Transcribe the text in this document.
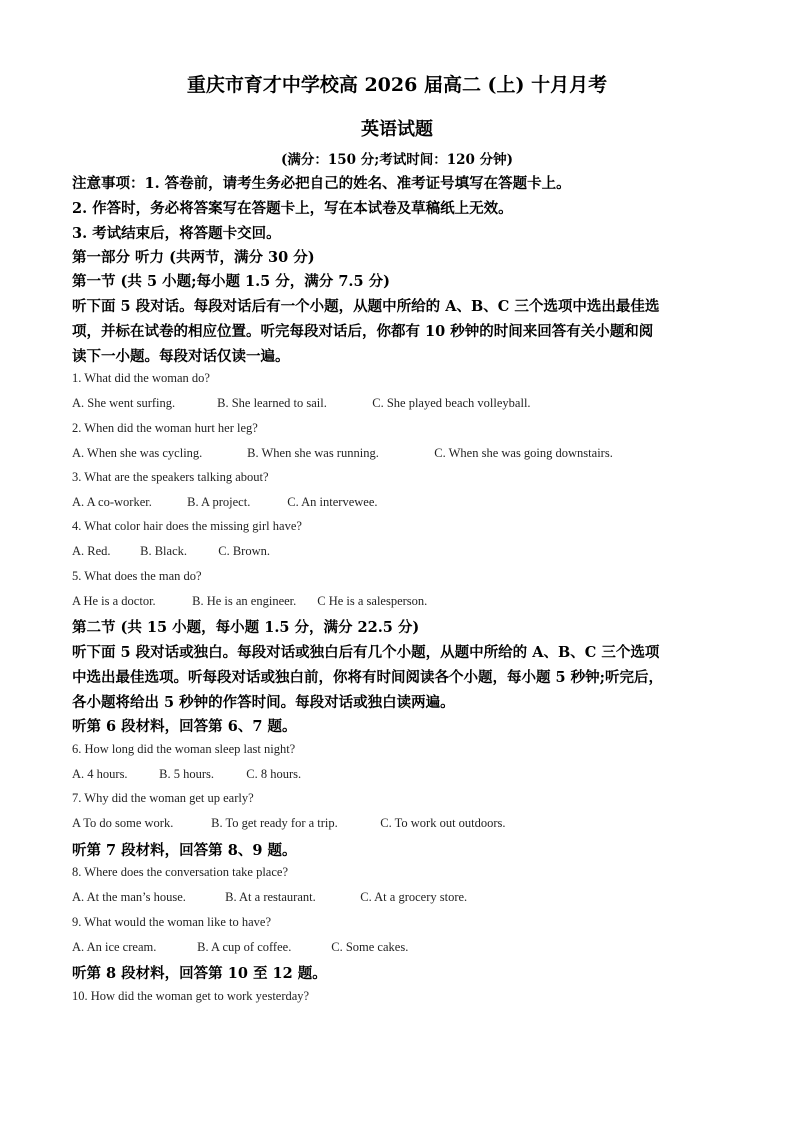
重庆市育才中学校高 2026 届高二 (上) 十月月考
英语试题
(满分：150 分;考试时间：120 分钟)
注意事项：1. 答卷前，请考生务必把自己的姓名、准考证号填写在答题卡上。
2. 作答时，务必将答案写在答题卡上，写在本试卷及草稿纸上无效。
3. 考试结束后，将答题卡交回。
第一部分 听力 (共两节，满分 30 分)
第一节 (共 5 小题;每小题 1.5 分，满分 7.5 分)
听下面 5 段对话。每段对话后有一个小题，从题中所给的 A、B、C 三个选项中选出最佳选
项，并标在试卷的相应位置。听完每段对话后，你都有 10 秒钟的时间来回答有关小题和阅
读下一小题。每段对话仅读一遍。
1. What did the woman do?
A. She went surfing.	B. She learned to sail.	C. She played beach volleyball.
2. When did the woman hurt her leg?
A. When she was cycling.	B. When she was running.	C. When she was going downstairs.
3. What are the speakers talking about?
A. A co-worker.	B. A project.	C. An intervewee.
4. What color hair does the missing girl have?
A. Red. B. Black.	C. Brown.
5. What does the man do?
A He is a doctor.	B. He is an engineer. C He is a salesperson.
第二节 (共 15 小题，每小题 1.5 分，满分 22.5 分)
听下面 5 段对话或独白。每段对话或独白后有几个小题，从题中所给的 A、B、C 三个选项
中选出最佳选项。听每段对话或独白前，你将有时间阅读各个小题，每小题 5 秒钟;听完后，
各小题将给出 5 秒钟的作答时间。每段对话或独白读两遍。
听第 6 段材料，回答第 6、7 题。
6. How long did the woman sleep last night?
A. 4 hours.	B. 5 hours.	C. 8 hours.
7. Why did the woman get up early?
A To do some work.	B. To get ready for a trip.	C. To work out outdoors.
听第 7 段材料，回答第 8、9 题。
8. Where does the conversation take place?
A. At the man’s house.	B. At a restaurant.	C. At a grocery store.
9. What would the woman like to have?
A. An ice cream.	B. A cup of coffee.	C. Some cakes.
听第 8 段材料，回答第 10 至 12 题。
10. How did the woman get to work yesterday?
